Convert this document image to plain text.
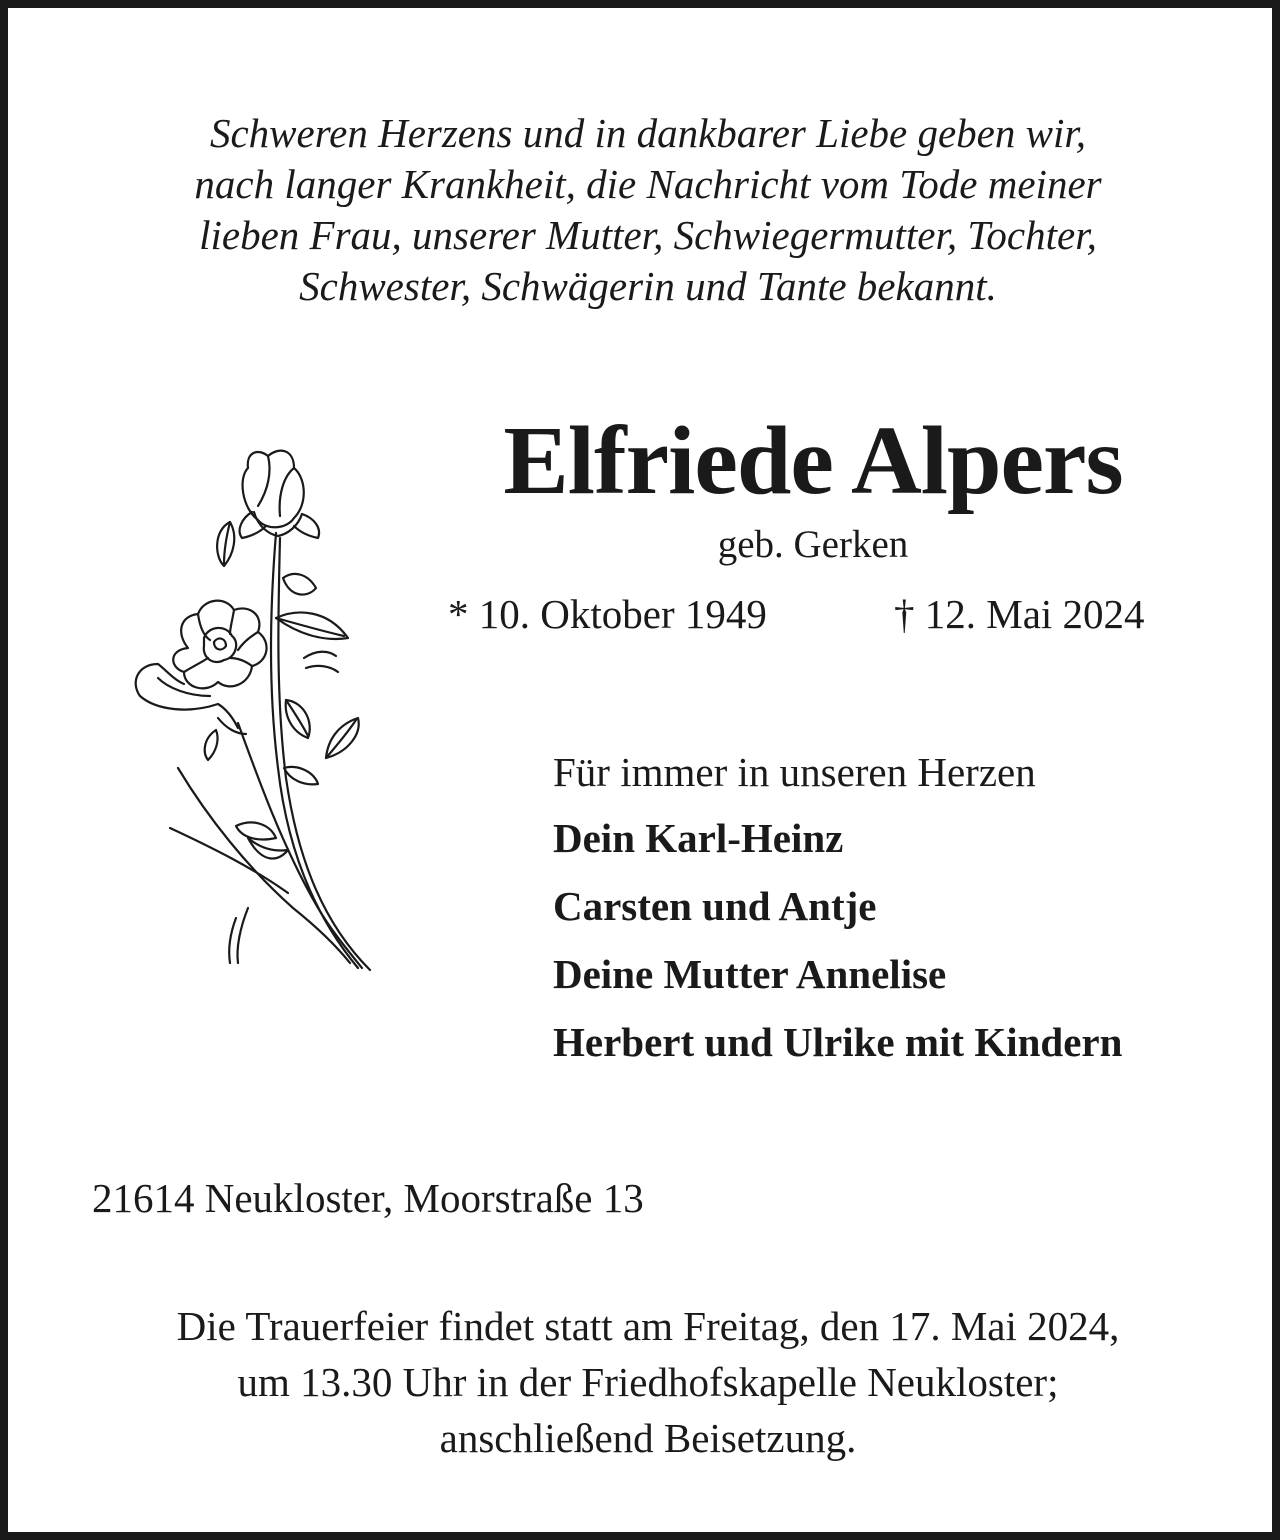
Schweren Herzens und in dankbarer Liebe geben wir,
nach langer Krankheit, die Nachricht vom Tode meiner
lieben Frau, unserer Mutter, Schwiegermutter, Tochter,
Schwester, Schwägerin und Tante bekannt.
Elfriede Alpers
geb. Gerken
* 10. Oktober 1949	† 12. Mai 2024
Für immer in unseren Herzen
Dein Karl-Heinz
Carsten und Antje
Deine Mutter Annelise
Herbert und Ulrike mit Kindern
21614 Neukloster, Moorstraße 13
Die Trauerfeier findet statt am Freitag, den 17. Mai 2024,
um 13.30 Uhr in der Friedhofskapelle Neukloster;
anschließend Beisetzung.
